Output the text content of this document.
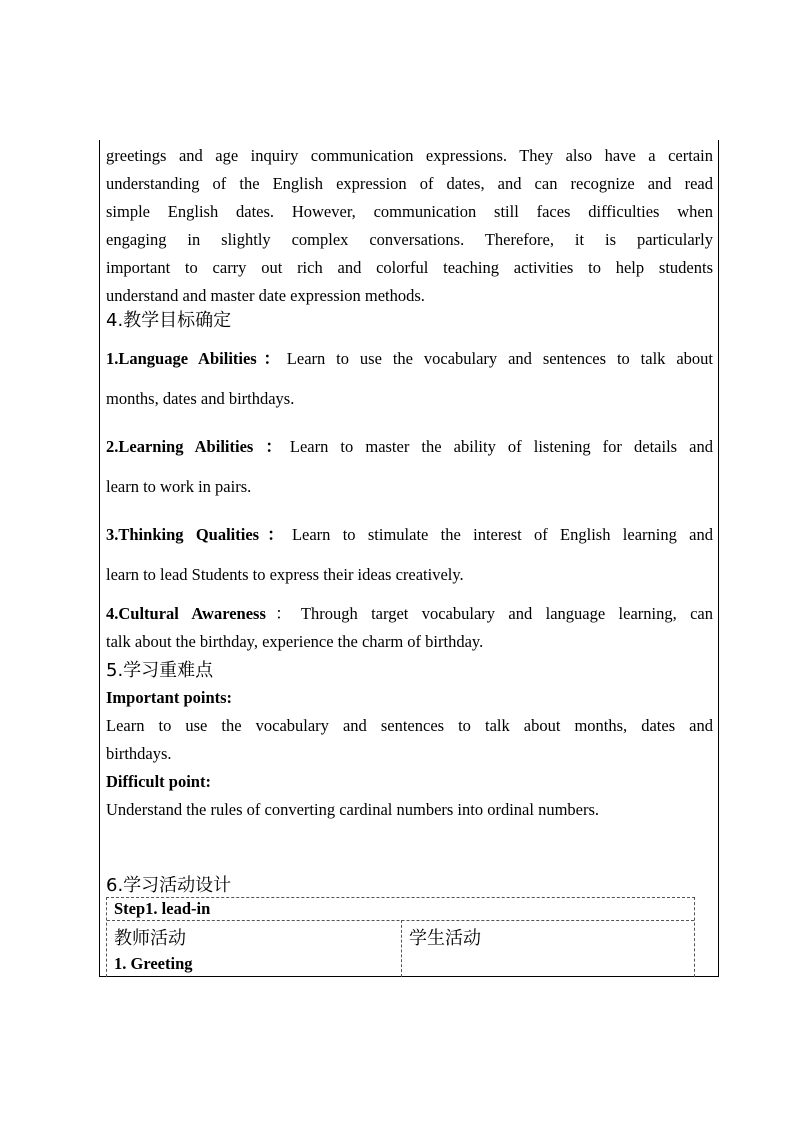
greetings and age inquiry communication expressions. They also have a certain
understanding of the English expression of dates, and can recognize and read
simple English dates. However, communication still faces difficulties when
engaging in slightly complex conversations. Therefore, it is particularly
important to carry out rich and colorful teaching activities to help students
understand and master date expression methods.
4.教学目标确定
1.Language Abilities：Learn to use the vocabulary and sentences to talk about
months, dates and birthdays.
2.Learning Abilities ：Learn to master the ability of listening for details and
learn to work in pairs.
3.Thinking Qualities：Learn to stimulate the interest of English learning and
learn to lead Students to express their ideas creatively.
4.Cultural Awareness：Through target vocabulary and language learning, can
talk about the birthday, experience the charm of birthday.
5.学习重难点
Important points:
Learn to use the vocabulary and sentences to talk about months, dates and
birthdays.
Difficult point:
Understand the rules of converting cardinal numbers into ordinal numbers.
6.学习活动设计
Step1. lead-in
教师活动	学生活动
1. Greeting
